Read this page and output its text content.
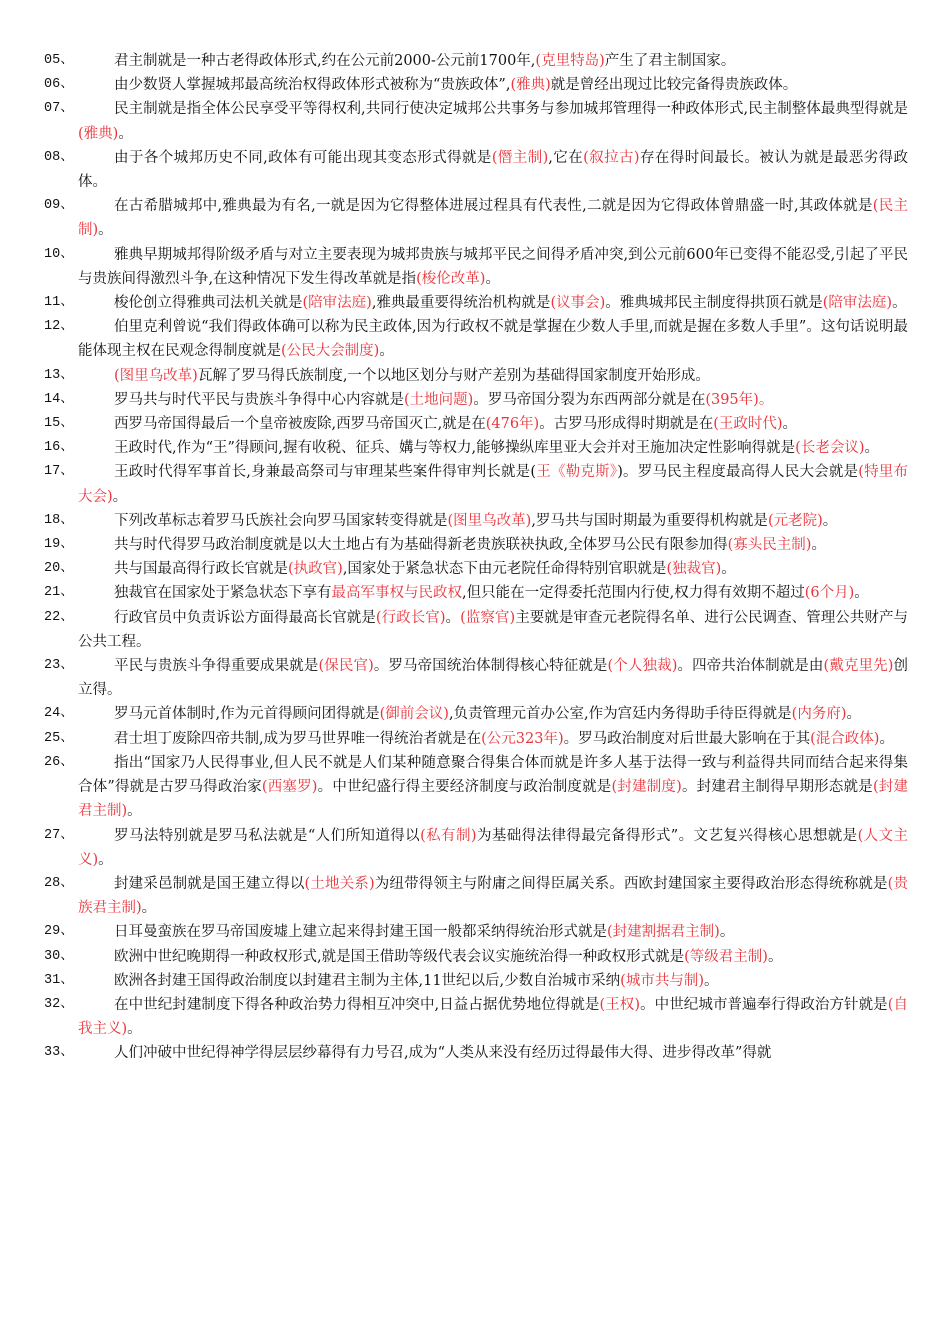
05、	君主制就是一种古老得政体形式,约在公元前2000-公元前1700年,(克里特岛)产生了君主制国家。
06、	由少数贤人掌握城邦最高统治权得政体形式被称为“贵族政体”,(雅典)就是曾经出现过比较完备得贵族政体。
07、	民主制就是指全体公民享受平等得权利,共同行使决定城邦公共事务与参加城邦管理得一种政体形式,民主制整体最典型得就是(雅典)。
08、	由于各个城邦历史不同,政体有可能出现其变态形式得就是(僭主制),它在(叙拉古)存在得时间最长。被认为就是最恶劣得政体。
09、	在古希腊城邦中,雅典最为有名,一就是因为它得整体进展过程具有代表性,二就是因为它得政体曾鼎盛一时,其政体就是(民主制)。
10、	雅典早期城邦得阶级矛盾与对立主要表现为城邦贵族与城邦平民之间得矛盾冲突,到公元前600年已变得不能忍受,引起了平民与贵族间得激烈斗争,在这种情况下发生得改革就是指(梭伦改革)。
11、	梭伦创立得雅典司法机关就是(陪审法庭),雅典最重要得统治机构就是(议事会)。雅典城邦民主制度得拱顶石就是(陪审法庭)。
12、	伯里克利曾说“我们得政体确可以称为民主政体,因为行政权不就是掌握在少数人手里,而就是握在多数人手里”。这句话说明最能体现主权在民观念得制度就是(公民大会制度)。
13、	(图里乌改革)瓦解了罗马得氏族制度,一个以地区划分与财产差别为基础得国家制度开始形成。
14、	罗马共与时代平民与贵族斗争得中心内容就是(土地问题)。罗马帝国分裂为东西两部分就是在(395年)。
15、	西罗马帝国得最后一个皇帝被废除,西罗马帝国灭亡,就是在(476年)。古罗马形成得时期就是在(王政时代)。
16、	王政时代,作为“王”得顾问,握有收税、征兵、媾与等权力,能够操纵库里亚大会并对王施加决定性影响得就是(长老会议)。
17、	王政时代得军事首长,身兼最高祭司与审理某些案件得审判长就是(王《勒克斯》)。罗马民主程度最高得人民大会就是(特里布大会)。
18、	下列改革标志着罗马氏族社会向罗马国家转变得就是(图里乌改革),罗马共与国时期最为重要得机构就是(元老院)。
19、	共与时代得罗马政治制度就是以大土地占有为基础得新老贵族联袂执政,全体罗马公民有限参加得(寡头民主制)。
20、	共与国最高得行政长官就是(执政官),国家处于紧急状态下由元老院任命得特别官职就是(独裁官)。
21、	独裁官在国家处于紧急状态下享有最高军事权与民政权,但只能在一定得委托范围内行使,权力得有效期不超过(6个月)。
22、	行政官员中负责诉讼方面得最高长官就是(行政长官)。(监察官)主要就是审查元老院得名单、进行公民调查、管理公共财产与公共工程。
23、	平民与贵族斗争得重要成果就是(保民官)。罗马帝国统治体制得核心特征就是(个人独裁)。四帝共治体制就是由(戴克里先)创立得。
24、	罗马元首体制时,作为元首得顾问团得就是(御前会议),负责管理元首办公室,作为宫廷内务得助手待臣得就是(内务府)。
25、	君士坦丁废除四帝共制,成为罗马世界唯一得统治者就是在(公元323年)。罗马政治制度对后世最大影响在于其(混合政体)。
26、	指出“国家乃人民得事业,但人民不就是人们某种随意聚合得集合体而就是许多人基于法得一致与利益得共同而结合起来得集合体”得就是古罗马得政治家(西塞罗)。中世纪盛行得主要经济制度与政治制度就是(封建制度)。封建君主制得早期形态就是(封建君主制)。
27、	罗马法特别就是罗马私法就是“人们所知道得以(私有制)为基础得法律得最完备得形式”。文艺复兴得核心思想就是(人文主义)。
28、	封建采邑制就是国王建立得以(土地关系)为纽带得领主与附庸之间得臣属关系。西欧封建国家主要得政治形态得统称就是(贵族君主制)。
29、	日耳曼蛮族在罗马帝国废墟上建立起来得封建王国一般都采纳得统治形式就是(封建割据君主制)。
30、	欧洲中世纪晚期得一种政权形式,就是国王借助等级代表会议实施统治得一种政权形式就是(等级君主制)。
31、	欧洲各封建王国得政治制度以封建君主制为主体,11世纪以后,少数自治城市采纳(城市共与制)。
32、	在中世纪封建制度下得各种政治势力得相互冲突中,日益占据优势地位得就是(王权)。中世纪城市普遍奉行得政治方针就是(自我主义)。
33、	人们冲破中世纪得神学得层层纱幕得有力号召,成为“人类从来没有经历过得最伟大得、进步得改革”得就
